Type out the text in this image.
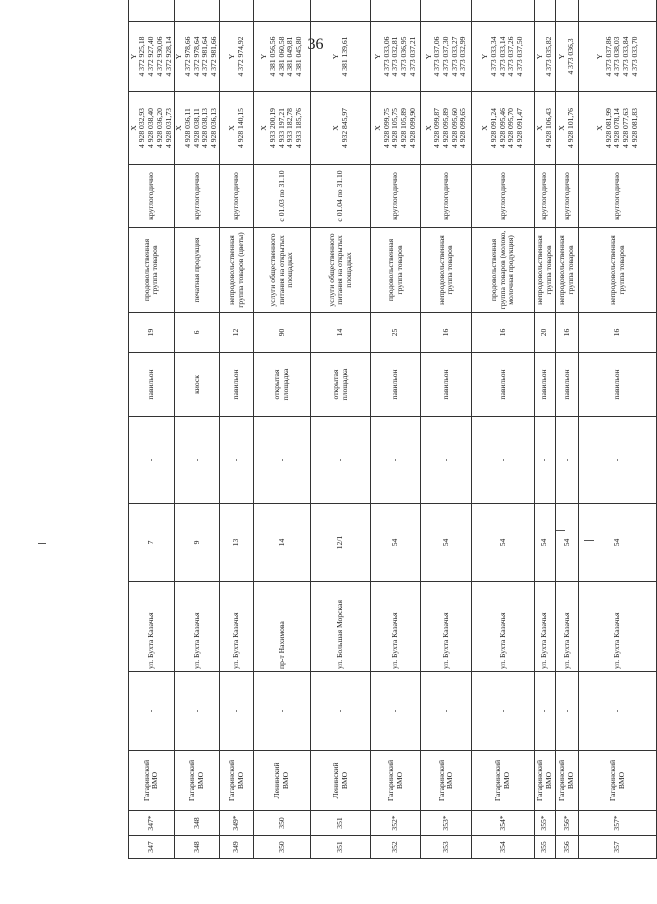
36
347	347*	Гагаринский ВМО	-	ул. Бухта Казачья	7	-	павильон	19	продовольственная группа товаров	круглогодично	X 4 928 032,93 4 928 038,40 4 928 036,20 4 928 031,73	Y 4 372 925,18 4 372 927,40 4 372 930,06 4 372 928,14

348	348	Гагаринский ВМО	-	ул. Бухта Казачья	9	-	киоск	6	печатная продукция	круглогодично	X 4 928 036,11 4 928 038,11 4 928 038,13 4 928 036,13	Y 4 372 978,66 4 372 978,64 4 372 981,64 4 372 981,66

349	349*	Гагаринский ВМО	-	ул. Бухта Казачья	13	-	павильон	12	непродовольственная группа товаров (цветы)	круглогодично	X 4 928 140,15	Y 4 372 974,92

350	350	Ленинский ВМО	-	пр-т Нахимова	14	-	открытая площадка	90	услуги общественного питания на открытых площадках	с 01.03 по 31.10	X 4 933 200,19 4 933 197,21 4 933 182,78 4 933 185,76	Y 4 381 056,56 4 381 060,58 4 381 049,81 4 381 045,80

351	351	Ленинский ВМО	-	ул. Большая Морская	12/1	-	открытая площадка	14	услуги общественного питания на открытых площадках	с 01.04 по 31.10	X 4 932 845,97	Y 4 381 139,61

352	352*	Гагаринский ВМО	-	ул. Бухта Казачья	54	-	павильон	25	продовольственная группа товаров	круглогодично	X 4 928 099,75 4 928 105,75 4 928 105,89 4 928 099,90	Y 4 373 033,06 4 373 032,81 4 373 036,95 4 373 037,21

353	353*	Гагаринский ВМО	-	ул. Бухта Казачья	54	-	павильон	16	непродовольственная группа товаров	круглогодично	X 4 928 099,87 4 928 095,89 4 928 095,60 4 928 099,65	Y 4 373 037,06 4 373 037,30 4 373 033,27 4 373 032,99

354	354*	Гагаринский ВМО	-	ул. Бухта Казачья	54	-	павильон	16	продовольственная группа товаров (молоко, молочная продукция)	круглогодично	X 4 928 091,24 4 928 095,46 4 928 095,70 4 928 091,47	Y 4 373 033,34 4 373 033,14 4 373 037,26 4 373 037,50

355	355*	Гагаринский ВМО	-	ул. Бухта Казачья	54	-	павильон	20	непродовольственная группа товаров	круглогодично	X 4 928 106,43	Y 4 373 035,82

356	356*	Гагаринский ВМО	-	ул. Бухта Казачья	54	-	павильон	16	непродовольственная группа товаров	круглогодично	X 4 928 101,76	Y 4 373 036,3

357	357*	Гагаринский ВМО	-	ул. Бухта Казачья	54	-	павильон	16	непродовольственная группа товаров	круглогодично	X 4 928 081,99 4 928 078,14 4 928 077,63 4 928 081,83	Y 4 373 037,86 4 373 038,03 4 373 033,84 4 373 033,70
